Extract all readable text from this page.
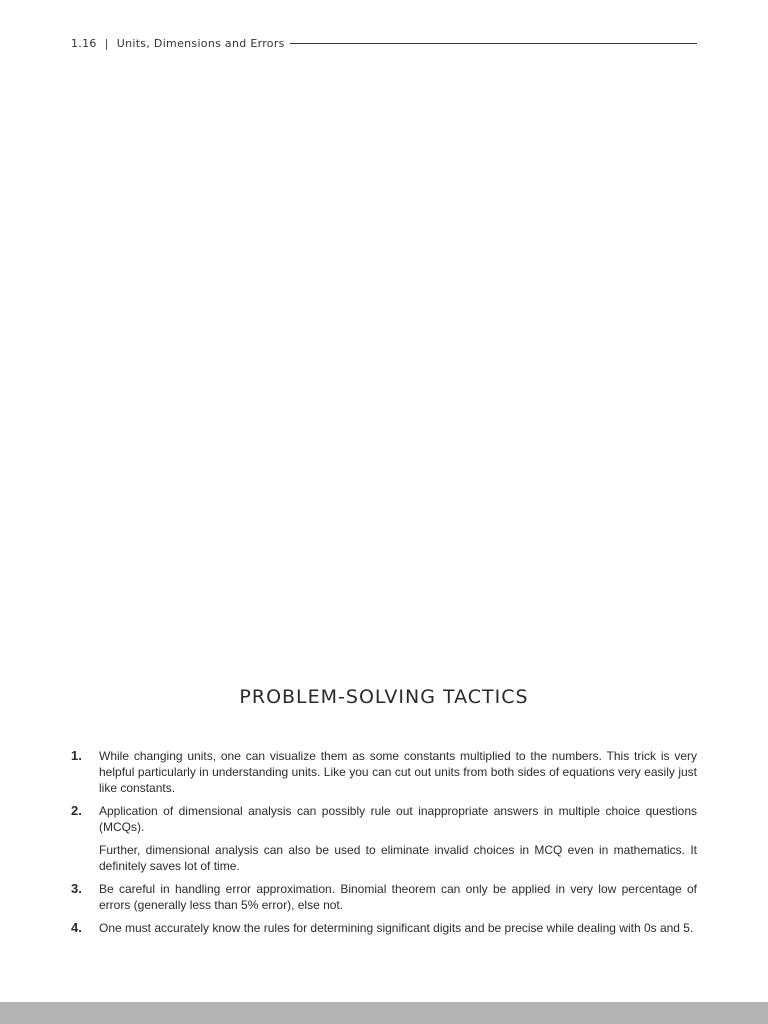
1.16 | Units, Dimensions and Errors
PROBLEM-SOLVING TACTICS
1. While changing units, one can visualize them as some constants multiplied to the numbers. This trick is very helpful particularly in understanding units. Like you can cut out units from both sides of equations very easily just like constants.

2. Application of dimensional analysis can possibly rule out inappropriate answers in multiple choice questions (MCQs).

Further, dimensional analysis can also be used to eliminate invalid choices in MCQ even in mathematics. It definitely saves lot of time.

3. Be careful in handling error approximation. Binomial theorem can only be applied in very low percentage of errors (generally less than 5% error), else not.

4. One must accurately know the rules for determining significant digits and be precise while dealing with 0s and 5.
